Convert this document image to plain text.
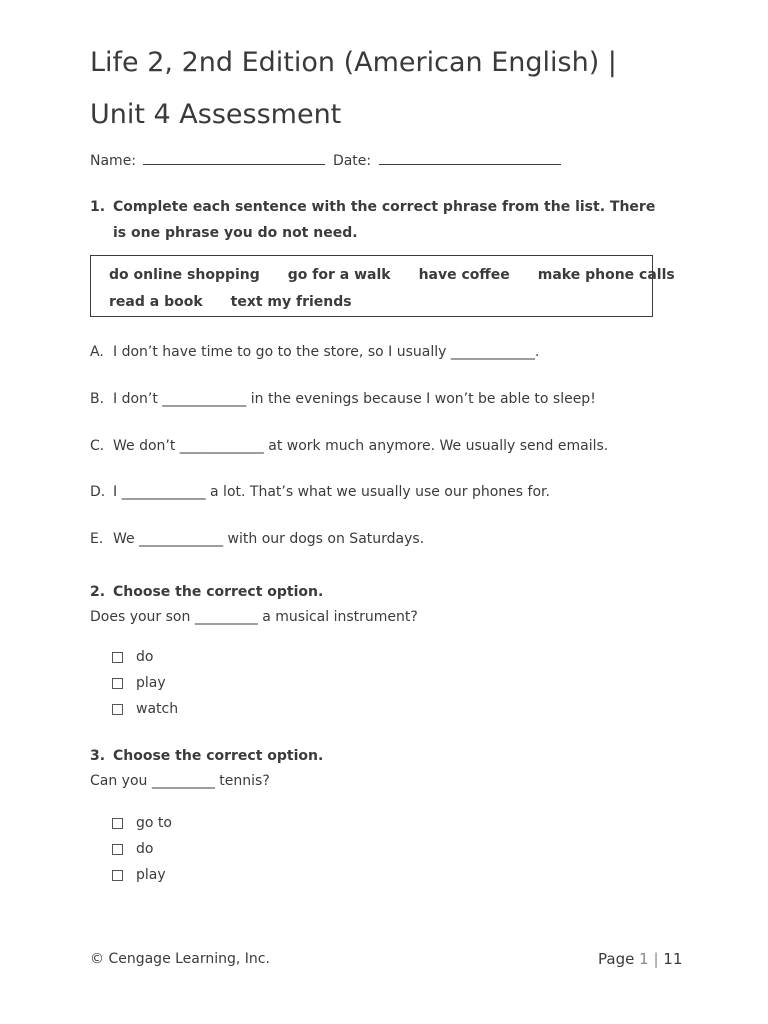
Life 2, 2nd Edition (American English) |
Unit 4 Assessment
Name:	Date:
1. Complete each sentence with the correct phrase from the list. There is one phrase you do not need.
do online shopping go for a walk have coffee make phone calls
read a book text my friends
A. I don’t have time to go to the store, so I usually ____________.
B. I don’t ____________ in the evenings because I won’t be able to sleep!
C. We don’t ____________ at work much anymore. We usually send emails.
D. I ____________ a lot. That’s what we usually use our phones for.
E. We ____________ with our dogs on Saturdays.
2. Choose the correct option.
Does your son _________ a musical instrument?
do
play
watch
3. Choose the correct option.
Can you _________ tennis?
go to
do
play
© Cengage Learning, Inc.	Page 1 | 11
